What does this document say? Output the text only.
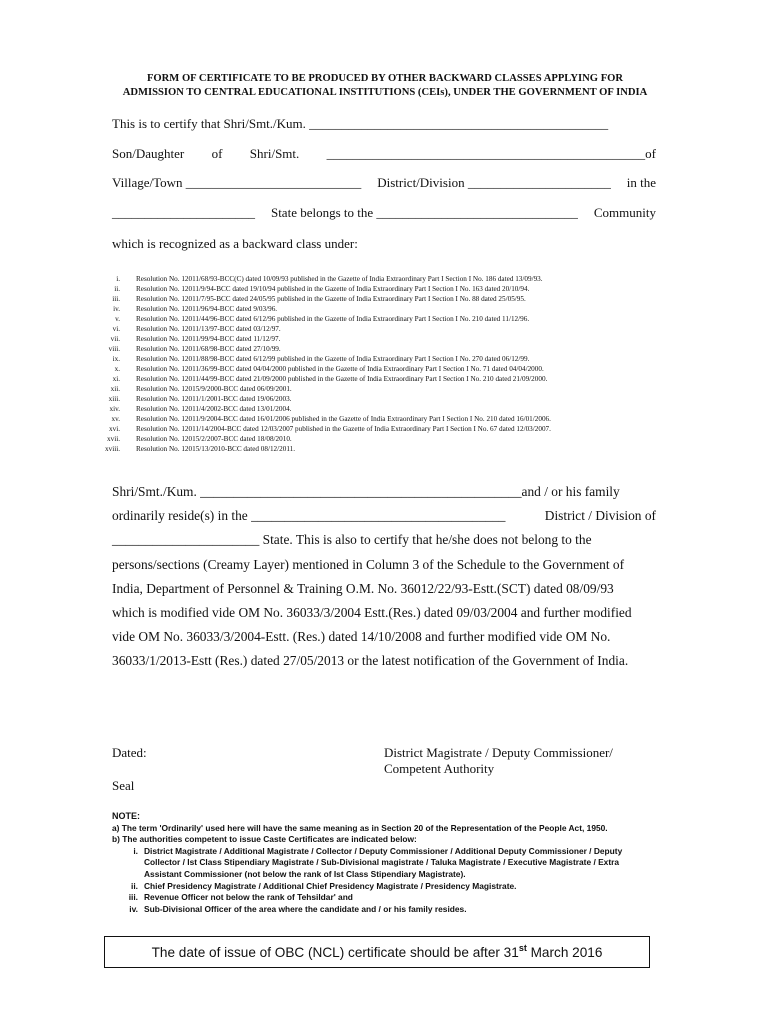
FORM OF CERTIFICATE TO BE PRODUCED BY OTHER BACKWARD CLASSES APPLYING FOR
ADMISSION TO CENTRAL EDUCATIONAL INSTITUTIONS (CEIs), UNDER THE GOVERNMENT OF INDIA
This is to certify that Shri/Smt./Kum. ______________________________________________
Son/Daughter of Shri/Smt. _________________________________________________of
Village/Town ___________________________ District/Division ______________________ in the
______________________ State belongs to the _______________________________ Community
which is recognized as a backward class under:
i. Resolution No. 12011/68/93-BCC(C) dated 10/09/93 published in the Gazette of India Extraordinary Part I Section I No. 186 dated 13/09/93.
ii. Resolution No. 12011/9/94-BCC dated 19/10/94 published in the Gazette of India Extraordinary Part I Section I No. 163 dated 20/10/94.
iii. Resolution No. 12011/7/95-BCC dated 24/05/95 published in the Gazette of India Extraordinary Part I Section I No. 88 dated 25/05/95.
iv. Resolution No. 12011/96/94-BCC dated 9/03/96.
v. Resolution No. 12011/44/96-BCC dated 6/12/96 published in the Gazette of India Extraordinary Part I Section I No. 210 dated 11/12/96.
vi. Resolution No. 12011/13/97-BCC dated 03/12/97.
vii. Resolution No. 12011/99/94-BCC dated 11/12/97.
viii. Resolution No. 12011/68/98-BCC dated 27/10/99.
ix. Resolution No. 12011/88/98-BCC dated 6/12/99 published in the Gazette of India Extraordinary Part I Section I No. 270 dated 06/12/99.
x. Resolution No. 12011/36/99-BCC dated 04/04/2000 published in the Gazette of India Extraordinary Part I Section I No. 71 dated 04/04/2000.
xi. Resolution No. 12011/44/99-BCC dated 21/09/2000 published in the Gazette of India Extraordinary Part I Section I No. 210 dated 21/09/2000.
xii. Resolution No. 12015/9/2000-BCC dated 06/09/2001.
xiii. Resolution No. 12011/1/2001-BCC dated 19/06/2003.
xiv. Resolution No. 12011/4/2002-BCC dated 13/01/2004.
xv. Resolution No. 12011/9/2004-BCC dated 16/01/2006 published in the Gazette of India Extraordinary Part I Section I No. 210 dated 16/01/2006.
xvi. Resolution No. 12011/14/2004-BCC dated 12/03/2007 published in the Gazette of India Extraordinary Part I Section I No. 67 dated 12/03/2007.
xvii. Resolution No. 12015/2/2007-BCC dated 18/08/2010.
xviii. Resolution No. 12015/13/2010-BCC dated 08/12/2011.
Shri/Smt./Kum. ________________________________________________and / or his family
ordinarily reside(s) in the ______________________________________	District / Division of
______________________ State. This is also to certify that he/she does not belong to the
persons/sections (Creamy Layer) mentioned in Column 3 of the Schedule to the Government of
India, Department of Personnel & Training O.M. No. 36012/22/93-Estt.(SCT) dated 08/09/93
which is modified vide OM No. 36033/3/2004 Estt.(Res.) dated 09/03/2004 and further modified
vide OM No. 36033/3/2004-Estt. (Res.) dated 14/10/2008 and further modified vide OM No.
36033/1/2013-Estt (Res.) dated 27/05/2013 or the latest notification of the Government of India.
Dated:
Seal
District Magistrate / Deputy Commissioner/
Competent Authority
NOTE:
a) The term 'Ordinarily' used here will have the same meaning as in Section 20 of the Representation of the People Act, 1950.
b) The authorities competent to issue Caste Certificates are indicated below:
i. District Magistrate / Additional Magistrate / Collector / Deputy Commissioner / Additional Deputy Commissioner / Deputy
Collector / Ist Class Stipendiary Magistrate / Sub-Divisional magistrate / Taluka Magistrate / Executive Magistrate / Extra
Assistant Commissioner (not below the rank of Ist Class Stipendiary Magistrate).
ii. Chief Presidency Magistrate / Additional Chief Presidency Magistrate / Presidency Magistrate.
iii. Revenue Officer not below the rank of Tehsildar' and
iv. Sub-Divisional Officer of the area where the candidate and / or his family resides.
The date of issue of OBC (NCL) certificate should be after 31st March 2016
